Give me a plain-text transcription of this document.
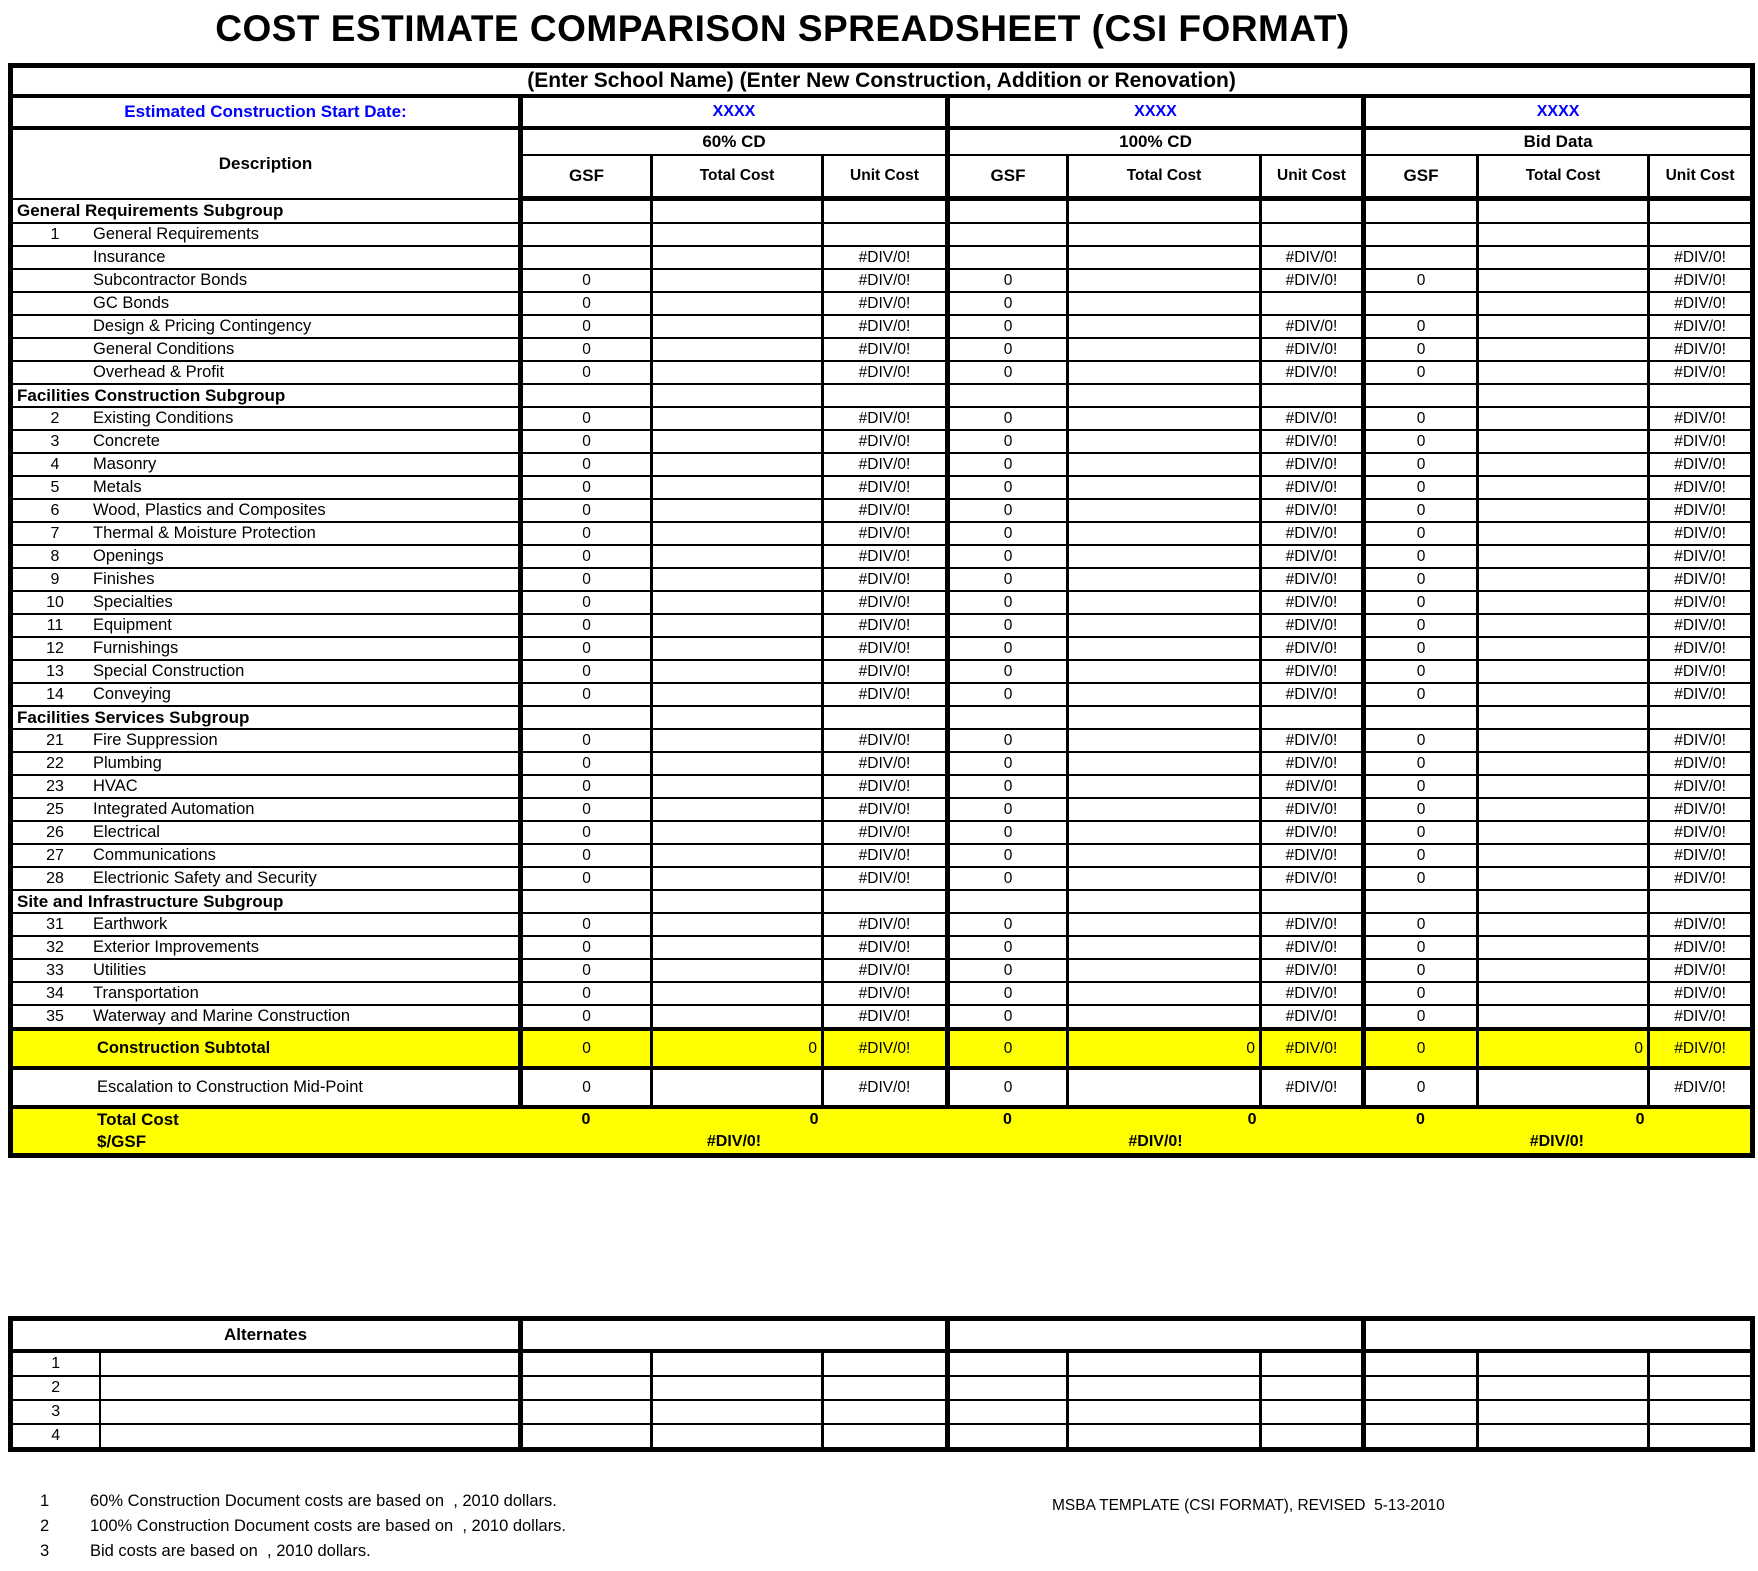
COST ESTIMATE COMPARISON SPREADSHEET (CSI FORMAT)
(Enter School Name) (Enter New Construction, Addition or Renovation)									
Estimated Construction Start Date:	XXXX			XXXX			XXXX		
Description	60% CD			100% CD			Bid Data		
	GSF	Total Cost	Unit Cost	GSF	Total Cost	Unit Cost	GSF	Total Cost	Unit Cost
General Requirements Subgroup									
1 General Requirements									
Insurance			#DIV/0!			#DIV/0!			#DIV/0!
Subcontractor Bonds	0		#DIV/0!	0		#DIV/0!	0		#DIV/0!
GC Bonds	0		#DIV/0!	0					#DIV/0!
Design & Pricing Contingency	0		#DIV/0!	0		#DIV/0!	0		#DIV/0!
General Conditions	0		#DIV/0!	0		#DIV/0!	0		#DIV/0!
Overhead & Profit	0		#DIV/0!	0		#DIV/0!	0		#DIV/0!
Facilities Construction Subgroup									
2 Existing Conditions	0		#DIV/0!	0		#DIV/0!	0		#DIV/0!
3 Concrete	0		#DIV/0!	0		#DIV/0!	0		#DIV/0!
4 Masonry	0		#DIV/0!	0		#DIV/0!	0		#DIV/0!
5 Metals	0		#DIV/0!	0		#DIV/0!	0		#DIV/0!
6 Wood, Plastics and Composites	0		#DIV/0!	0		#DIV/0!	0		#DIV/0!
7 Thermal & Moisture Protection	0		#DIV/0!	0		#DIV/0!	0		#DIV/0!
8 Openings	0		#DIV/0!	0		#DIV/0!	0		#DIV/0!
9 Finishes	0		#DIV/0!	0		#DIV/0!	0		#DIV/0!
10 Specialties	0		#DIV/0!	0		#DIV/0!	0		#DIV/0!
11 Equipment	0		#DIV/0!	0		#DIV/0!	0		#DIV/0!
12 Furnishings	0		#DIV/0!	0		#DIV/0!	0		#DIV/0!
13 Special Construction	0		#DIV/0!	0		#DIV/0!	0		#DIV/0!
14 Conveying	0		#DIV/0!	0		#DIV/0!	0		#DIV/0!
Facilities Services Subgroup									
21 Fire Suppression	0		#DIV/0!	0		#DIV/0!	0		#DIV/0!
22 Plumbing	0		#DIV/0!	0		#DIV/0!	0		#DIV/0!
23 HVAC	0		#DIV/0!	0		#DIV/0!	0		#DIV/0!
25 Integrated Automation	0		#DIV/0!	0		#DIV/0!	0		#DIV/0!
26 Electrical	0		#DIV/0!	0		#DIV/0!	0		#DIV/0!
27 Communications	0		#DIV/0!	0		#DIV/0!	0		#DIV/0!
28 Electrionic Safety and Security	0		#DIV/0!	0		#DIV/0!	0		#DIV/0!
Site and Infrastructure Subgroup									
31 Earthwork	0		#DIV/0!	0		#DIV/0!	0		#DIV/0!
32 Exterior Improvements	0		#DIV/0!	0		#DIV/0!	0		#DIV/0!
33 Utilities	0		#DIV/0!	0		#DIV/0!	0		#DIV/0!
34 Transportation	0		#DIV/0!	0		#DIV/0!	0		#DIV/0!
35 Waterway and Marine Construction	0		#DIV/0!	0		#DIV/0!	0		#DIV/0!
Construction Subtotal	0	0	#DIV/0!	0	0	#DIV/0!	0	0	#DIV/0!
Escalation to Construction Mid-Point	0		#DIV/0!	0		#DIV/0!	0		#DIV/0!
Total Cost	0	0		0	0		0	0	
$/GSF	#DIV/0!			#DIV/0!			#DIV/0!		
Alternates										
1										
2										
3										
4										
1 60% Construction Document costs are based on  , 2010 dollars.
2 100% Construction Document costs are based on  , 2010 dollars.
3 Bid costs are based on  , 2010 dollars.
MSBA TEMPLATE (CSI FORMAT), REVISED  5-13-2010
